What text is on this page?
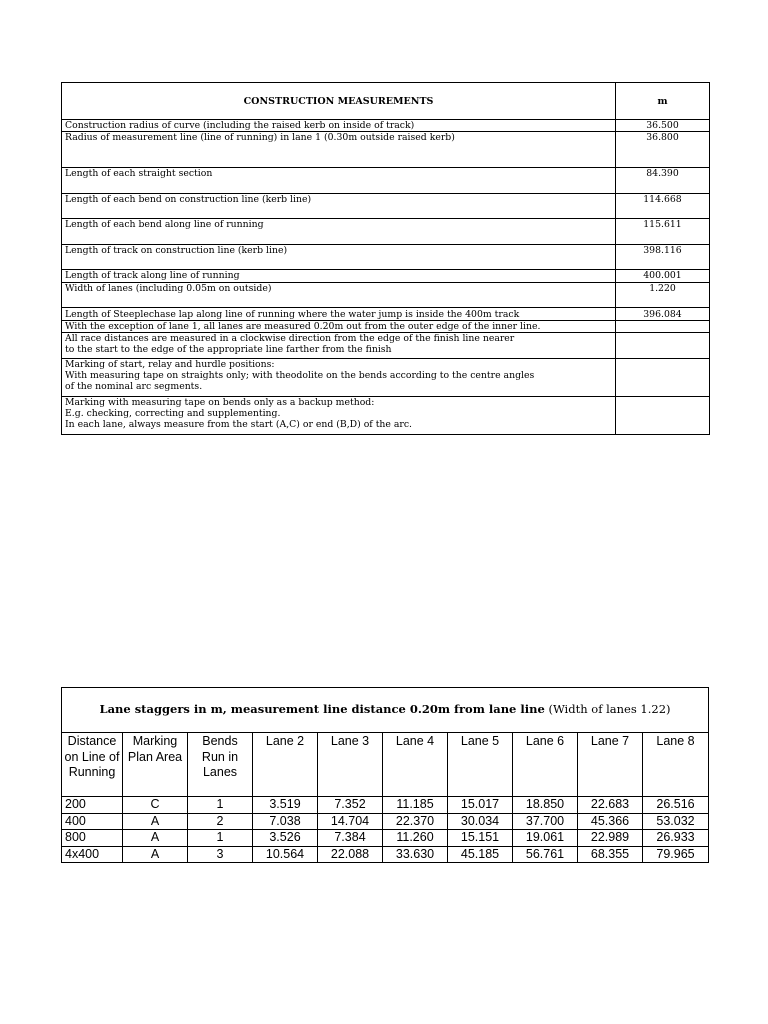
CONSTRUCTION MEASUREMENTS	m
Construction radius of curve (including the raised kerb on inside of track)	36.500
Radius of measurement line (line of running) in lane 1 (0.30m outside raised kerb)	36.800
Length of each straight section	84.390
Length of each bend on construction line (kerb line)	114.668
Length of each bend along line of running	115.611
Length of track on construction line (kerb line)	398.116
Length of track along line of running	400.001
Width of lanes (including 0.05m on outside)	1.220
Length of Steeplechase lap along line of running where the water jump is inside the 400m track	396.084
With the exception of lane 1, all lanes are measured 0.20m out from the outer edge of the inner line.	

All race distances are measured in a clockwise direction from the edge of the finish line nearer
to the start to the edge of the appropriate line farther from the finish	

Marking of start, relay and hurdle positions:
With measuring tape on straights only; with theodolite on the bends according to the centre angles
of the nominal arc segments.	

Marking with measuring tape on bends only as a backup method:
E.g. checking, correcting and supplementing.
In each lane, always measure from the start (A,C) or end (B,D) of the arc.	

Lane staggers in m, measurement line distance 0.20m from lane line (Width of lanes 1.22)									
Distance on Line of Running	Marking Plan Area	Bends Run in Lanes	Lane 2	Lane 3	Lane 4	Lane 5	Lane 6	Lane 7	Lane 8
200	C	1	3.519	7.352	11.185	15.017	18.850	22.683	26.516
400	A	2	7.038	14.704	22.370	30.034	37.700	45.366	53.032
800	A	1	3.526	7.384	11.260	15.151	19.061	22.989	26.933
4x400	A	3	10.564	22.088	33.630	45.185	56.761	68.355	79.965
